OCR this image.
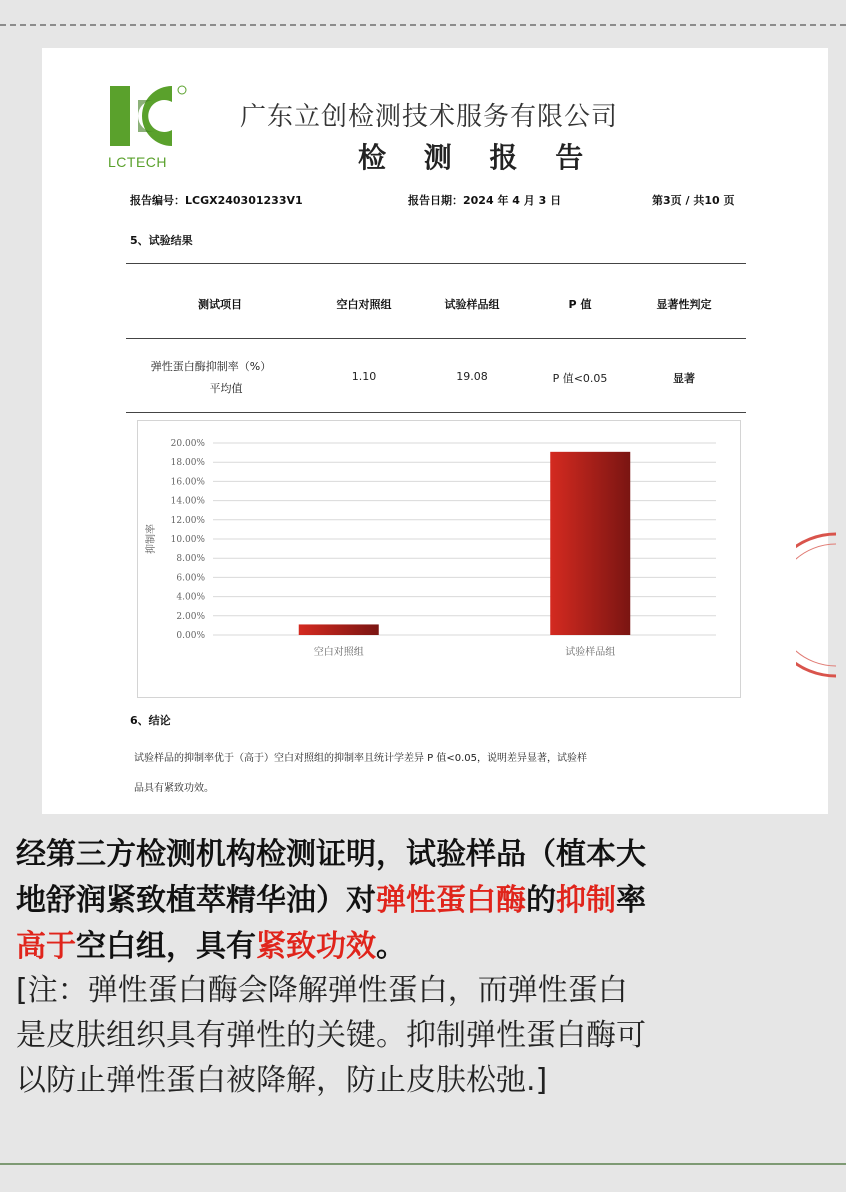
LCTECH
广东立创检测技术服务有限公司
检 测 报 告
报告编号：LCGX240301233V1	报告日期：2024 年 4 月 3 日	第3页 / 共10 页
5、试验结果
测试项目	空白对照组	试验样品组	P 值	显著性判定
弹性蛋白酶抑制率（%）
平均值
1.10	19.08	P 值<0.05	显著
0.00%
2.00%
4.00%
6.00%
8.00%
10.00%
12.00%
14.00%
16.00%
18.00%
20.00%
抑制率
空白对照组	试验样品组
6、结论
试验样品的抑制率优于（高于）空白对照组的抑制率且统计学差异 P 值<0.05，说明差异显著，试验样
品具有紧致功效。
经第三方检测机构检测证明，试验样品（植本大
地舒润紧致植萃精华油）对弹性蛋白酶的抑制率
高于空白组，具有紧致功效。
[注：弹性蛋白酶会降解弹性蛋白，而弹性蛋白
是皮肤组织具有弹性的关键。抑制弹性蛋白酶可
以防止弹性蛋白被降解，防止皮肤松弛.]
